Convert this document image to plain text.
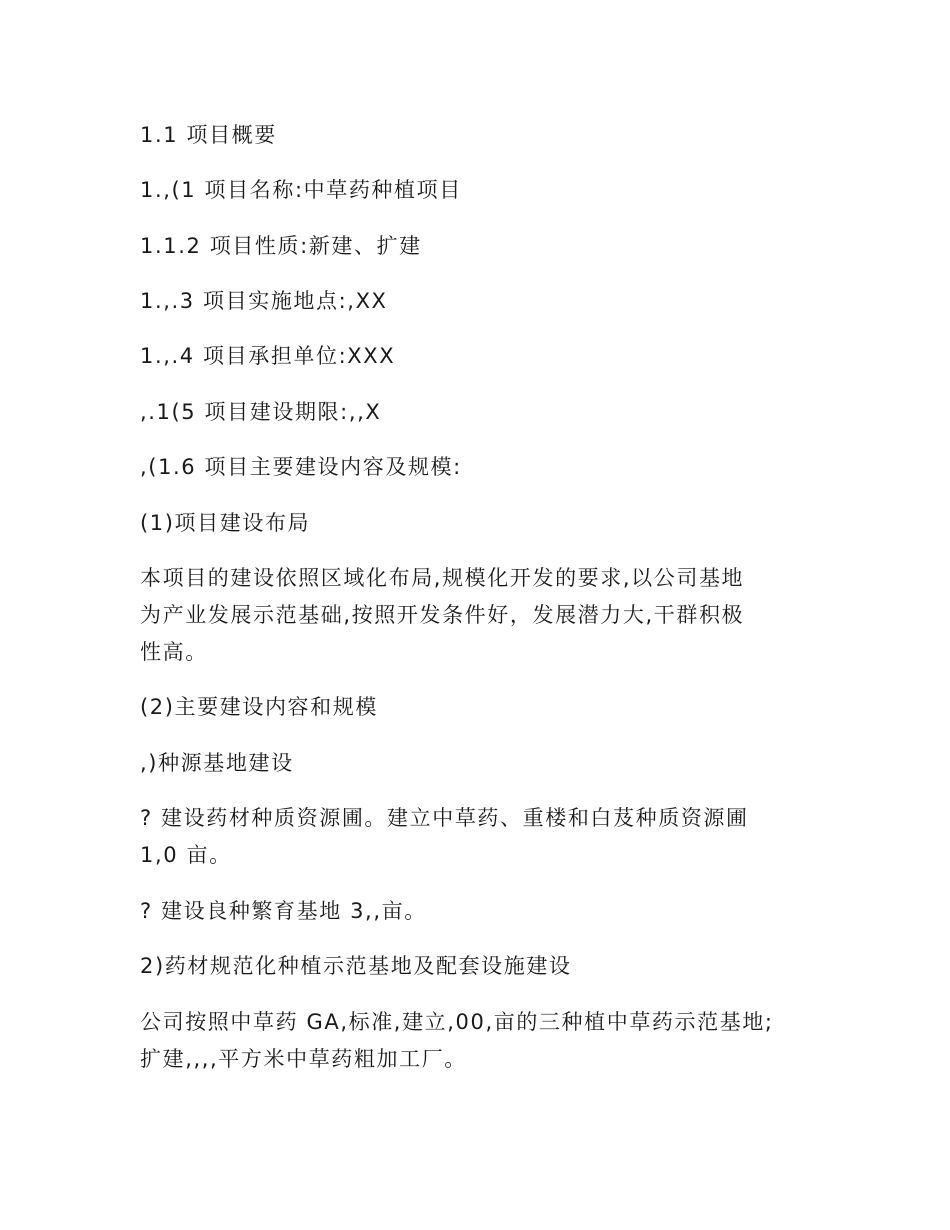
1.1 项目概要
1.,(1 项目名称:中草药种植项目
1.1.2 项目性质:新建、扩建
1.,.3 项目实施地点:,XX
1.,.4 项目承担单位:XXX
,.1(5 项目建设期限:,,X
,(1.6 项目主要建设内容及规模:
(1)项目建设布局
本项目的建设依照区域化布局,规模化开发的要求,以公司基地
为产业发展示范基础,按照开发条件好，发展潜力大,干群积极
性高。
(2)主要建设内容和规模
,)种源基地建设
? 建设药材种质资源圃。建立中草药、重楼和白芨种质资源圃
1,0 亩。
? 建设良种繁育基地 3,,亩。
2)药材规范化种植示范基地及配套设施建设
公司按照中草药 GA,标准,建立,00,亩的三种植中草药示范基地;
扩建,,,,平方米中草药粗加工厂。
